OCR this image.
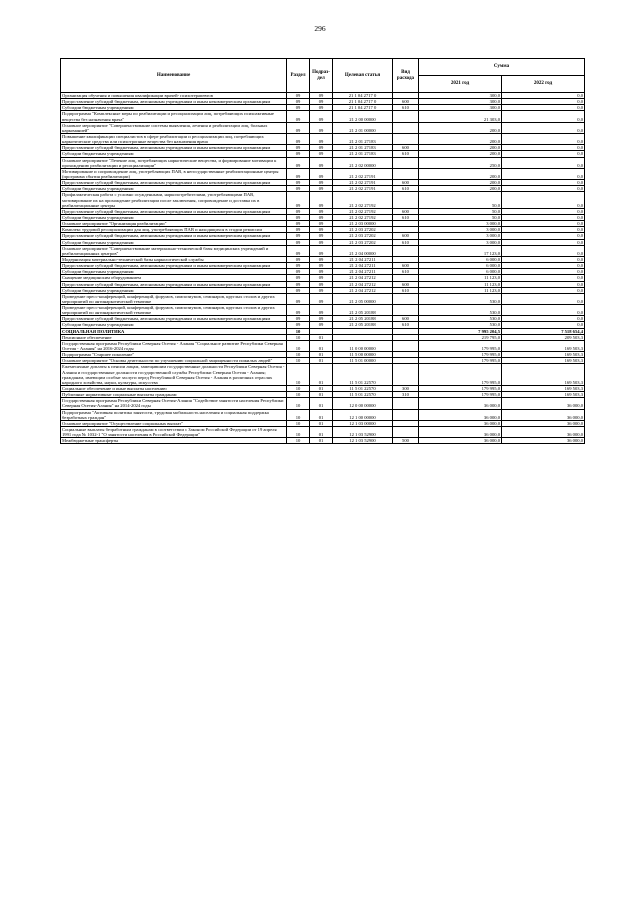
296
Наименование	Раздел	Подраз-дел	Целевая статья	Вид расхода	Сумма	
					2021 год	2022 год
Организация обучения и повышения квалификации врачей- психотерапевтов	09	09	21 1 04 2717 0		300,0	0,0
Предоставление субсидий бюджетным, автономным учреждениям и иным некоммерческим организациям	09	09	21 1 04 2717 0	600	300,0	0,0
Субсидии бюджетным учреждениям	09	09	21 1 04 2717 0	610	300,0	0,0
Подпрограмма "Комплексные меры по реабилитации и ресоциализации лиц, потребляющих психоактивные вещества без назначения врача"	09	09	21 2 00 00000		21 303,0	0,0
Основное мероприятие "Совершенствование системы выявления, лечения и реабилитации лиц, больных наркоманией"	09	09	21 2 01 00000		200,0	0,0
Повышение квалификации специалистов в сфере реабилитации и ресоциализации лиц, потребляющих наркотические средства или психотропные вещества без назначения врача	09	09	21 2 01 27183		200,0	0,0
Предоставление субсидий бюджетным, автономным учреждениям и иным некоммерческим организациям	09	09	21 2 01 27183	600	200,0	0,0
Субсидии бюджетным учреждениям	09	09	21 2 01 27183	610	200,0	0,0
Основное мероприятие "Лечение лиц, потребляющих наркотические вещества, и формирование мотивации к прохождению реабилитации и ресоциализации"	09	09	21 2 02 00000		250,0	0,0
Мотивирование и сопровождение лиц, употребляющих ПАВ, в негосударственные реабилитационные центры (программа сбытия реабилитации)	09	09	21 2 02 27191		200,0	0,0
Предоставление субсидий бюджетным, автономным учреждениям и иным некоммерческим организациям	09	09	21 2 02 27191	600	200,0	0,0
Субсидии бюджетным учреждениям	09	09	21 2 02 27191	610	200,0	0,0
Профилактическая работа с условно осужденными, наркопотребителями, употребляющими ПАВ, мотивирование их на прохождение реабилитации после заключения, сопровождение и доставка их в реабилитационные центры	09	09	21 2 02 27192		50,0	0,0
Предоставление субсидий бюджетным, автономным учреждениям и иным некоммерческим организациям	09	09	21 2 02 27192	600	50,0	0,0
Субсидии бюджетным учреждениям	09	09	21 2 02 27192	610	50,0	0,0
Основное мероприятие "Организация реабилитации"	09	09	21 2 03 00000		3 000,0	0,0
Комплекс трудовой ресоциализации для лиц, употребляющих ПАВ и находящихся в стадии ремиссии	09	09	21 2 03 27202		3 000,0	0,0
Предоставление субсидий бюджетным, автономным учреждениям и иным некоммерческим организациям	09	09	21 2 03 27202	600	3 000,0	0,0
Субсидии бюджетным учреждениям	09	09	21 2 03 27202	610	3 000,0	0,0
Основное мероприятие "Совершенствование материально-технической базы медицинских учреждений и реабилитационных центров"	09	09	21 2 04 00000		17 123,0	0,0
Модернизация материально-технической базы наркологической службы	09	09	21 2 04 27211		6 000,0	0,0
Предоставление субсидий бюджетным, автономным учреждениям и иным некоммерческим организациям	09	09	21 2 04 27211	600	6 000,0	0,0
Субсидии бюджетным учреждениям	09	09	21 2 04 27211	610	6 000,0	0,0
Снащение медицинским оборудованием	09	09	21 2 04 27212		11 123,0	0,0
Предоставление субсидий бюджетным, автономным учреждениям и иным некоммерческим организациям	09	09	21 2 04 27212	600	11 123,0	0,0
Субсидии бюджетным учреждениям	09	09	21 2 04 27212	610	11 123,0	0,0
Проведение пресс-конференций, конференций, форумов, симпозиумов, семинаров, круглых столов и других мероприятий по антинаркотической тематике	09	09	21 2 05 00000		530,0	0,0
Проведение пресс-конференций, конференций, форумов, симпозиумов, семинаров, круглых столов и других мероприятий по антинаркотической тематике	09	09	21 2 05 20188		530,0	0,0
Предоставление субсидий бюджетным, автономным учреждениям и иным некоммерческим организациям	09	09	21 2 05 20188	600	530,0	0,0
Субсидии бюджетным учреждениям	09	09	21 2 05 20188	610	530,0	0,0
СОЦИАЛЬНАЯ ПОЛИТИКА	10				7 995 204,5	7 518 654,4
Пенсионное обеспечение	10	01			219 795,0	209 503,3
Государственная программа Республики Северная Осетия - Алания "Социальное развитие Республики Северная Осетия - Алания" на 2016-2024 годы	10	01	11 0 00 00000		179 995,0	169 503,3
Подпрограмма "Старшее поколение"	10	01	11 5 00 00000		179 995,0	169 503,3
Основное мероприятие "Основы деятельности по улучшению социальной защищенности пожилых людей"	10	01	11 5 01 00000		179 995,0	169 503,3
Ежемесячные доплаты к пенсии лицам, замещавшим государственные должности Республики Северная Осетия - Алания и государственные должности государственной службы Республики Северная Осетия - Алания; гражданам, имеющим особые заслуги перед Республикой Северная Осетия - Алания в различных отраслях народного хозяйства, науки, культуры, искусства	10	01	11 5 01 22570		179 995,0	169 503,3
Социальное обеспечение и иные выплаты населению	10	01	11 5 01 22570	300	179 995,0	169 503,3
Публичные нормативные социальные выплаты гражданам	10	01	11 5 01 22570	310	179 995,0	169 503,3
Государственная программа Республики Северная Осетия-Алания "Содействие занятости населения Республики Северная Осетия-Алания" на 2014-2024 годы	10	01	12 0 00 00000		36 000,0	36 000,0
Подпрограмма "Активная политика занятости, трудовая мобильность населения и социальная поддержка безработных граждан"	10	01	12 1 00 00000		36 000,0	36 000,0
Основное мероприятие "Осуществление социальных выплат"	10	01	12 1 03 00000		36 000,0	36 000,0
Социальные выплаты безработным гражданам в соответствии с Законом Российской Федерации от 19 апреля 1991 года № 1032-1 "О занятости населения в Российской Федерации"	10	01	12 1 03 52900		36 000,0	36 000,0
Межбюджетные трансферты	10	01	12 1 03 52900	500	36 000,0	36 000,0
